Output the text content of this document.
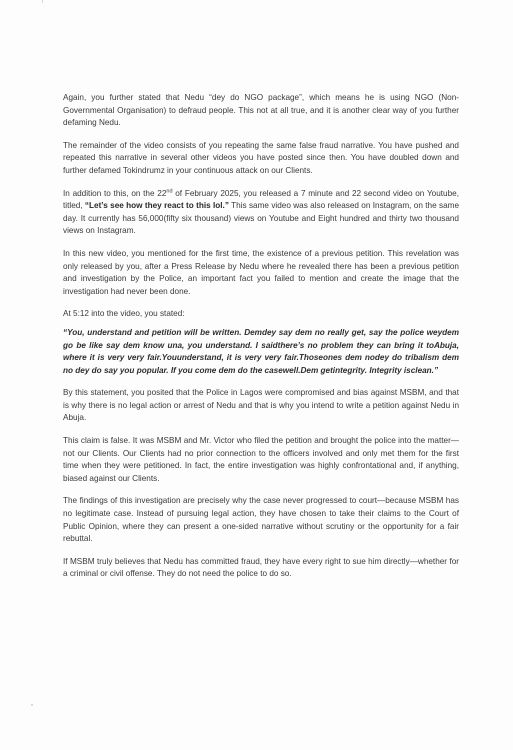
Again, you further stated that Nedu “dey do NGO package”, which means he is using NGO (Non-Governmental Organisation) to defraud people. This not at all true, and it is another clear way of you further defaming Nedu.

The remainder of the video consists of you repeating the same false fraud narrative. You have pushed and repeated this narrative in several other videos you have posted since then. You have doubled down and further defamed Tokindrumz in your continuous attack on our Clients.

In addition to this, on the 22nd of February 2025, you released a 7 minute and 22 second video on Youtube, titled, “Let’s see how they react to this lol.” This same video was also released on Instagram, on the same day. It currently has 56,000(fifty six thousand) views on Youtube and Eight hundred and thirty two thousand views on Instagram.

In this new video, you mentioned for the first time, the existence of a previous petition. This revelation was only released by you, after a Press Release by Nedu where he revealed there has been a previous petition and investigation by the Police, an important fact you failed to mention and create the image that the investigation had never been done.

At 5:12 into the video, you stated:

“You, understand and petition will be written. Demdey say dem no really get, say the police weydem go be like say dem know una, you understand. I saidthere’s no problem they can bring it toAbuja, where it is very very fair.Youunderstand, it is very very fair.Thoseones dem nodey do tribalism dem no dey do say you popular. If you come dem do the casewell.Dem getintegrity. Integrity isclean.”

By this statement, you posited that the Police in Lagos were compromised and bias against MSBM, and that is why there is no legal action or arrest of Nedu and that is why you intend to write a petition against Nedu in Abuja.

This claim is false. It was MSBM and Mr. Victor who filed the petition and brought the police into the matter—not our Clients. Our Clients had no prior connection to the officers involved and only met them for the first time when they were petitioned. In fact, the entire investigation was highly confrontational and, if anything, biased against our Clients.

The findings of this investigation are precisely why the case never progressed to court—because MSBM has no legitimate case. Instead of pursuing legal action, they have chosen to take their claims to the Court of Public Opinion, where they can present a one-sided narrative without scrutiny or the opportunity for a fair rebuttal.

If MSBM truly believes that Nedu has committed fraud, they have every right to sue him directly—whether for a criminal or civil offense. They do not need the police to do so.
